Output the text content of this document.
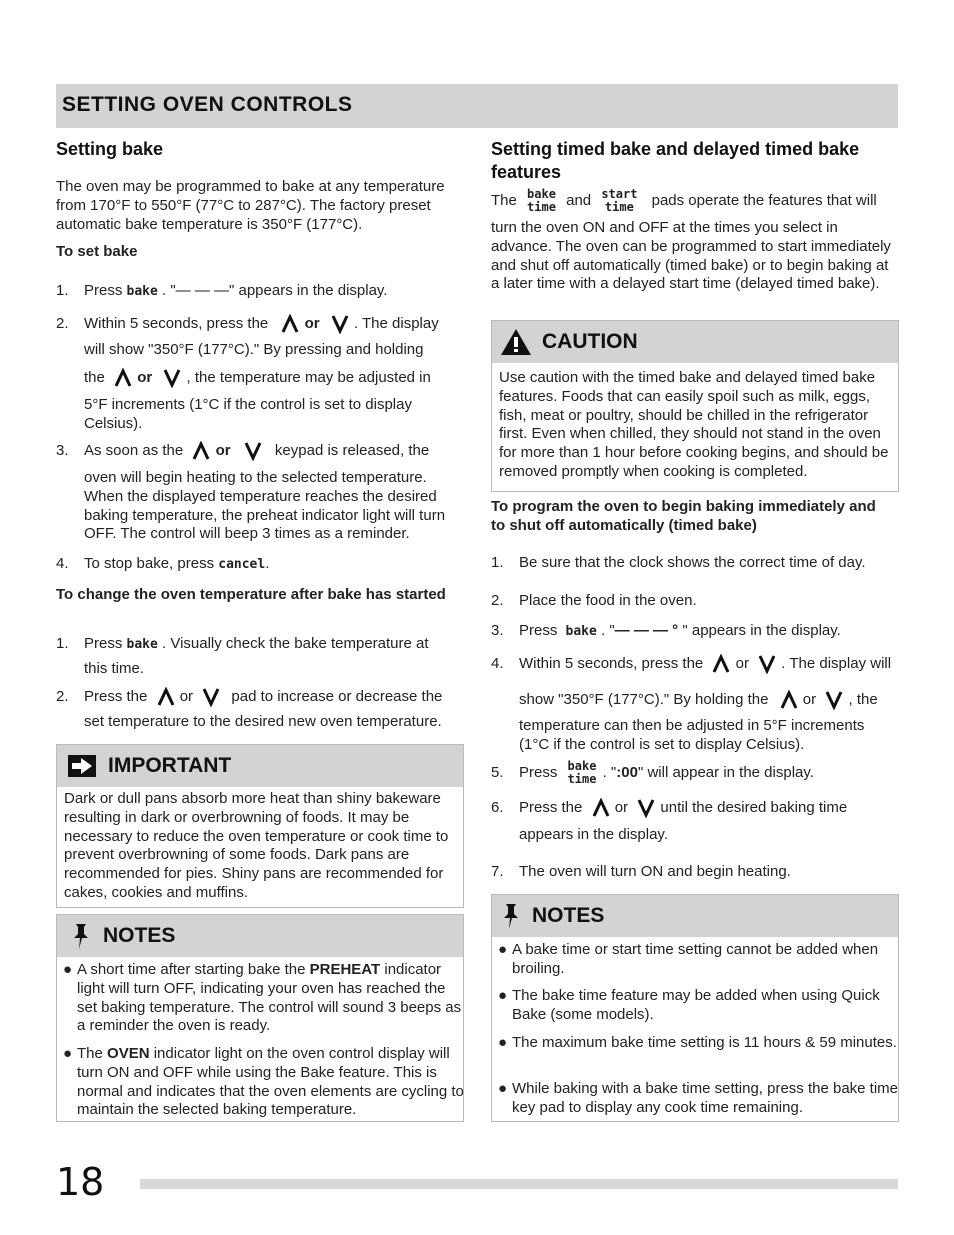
SETTING OVEN CONTROLS
Setting bake
The oven may be programmed to bake at any temperature from 170°F to 550°F (77°C to 287°C). The factory preset automatic bake temperature is 350°F (177°C).
To set bake
1. Press bake . "— — —" appears in the display.
2. Within 5 seconds, press the or . The display
will show "350°F (177°C)." By pressing and holding
the or , the temperature may be adjusted in
5°F increments (1°C if the control is set to display Celsius).
3. As soon as the or	keypad is released, the
oven will begin heating to the selected temperature. When the displayed temperature reaches the desired baking temperature, the preheat indicator light will turn OFF. The control will beep 3 times as a reminder.
4. To stop bake, press cancel.
To change the oven temperature after bake has started
1. Press bake . Visually check the bake temperature at
this time.
2. Press the or	pad to increase or decrease the
set temperature to the desired new oven temperature.
IMPORTANT
Dark or dull pans absorb more heat than shiny bakeware resulting in dark or overbrowning of foods. It may be necessary to reduce the oven temperature or cook time to prevent overbrowning of some foods. Dark pans are recommended for pies. Shiny pans are recommended for cakes, cookies and muffins.
NOTES
● A short time after starting bake the PREHEAT indicator light will turn OFF, indicating your oven has reached the set baking temperature. The control will sound 3 beeps as a reminder the oven is ready.
● The OVEN indicator light on the oven control display will turn ON and OFF while using the Bake feature. This is normal and indicates that the oven elements are cycling to maintain the selected baking temperature.
Setting timed bake and delayed timed bake features
The bake
time and start
time pads operate the features that will
turn the oven ON and OFF at the times you select in advance. The oven can be programmed to start immediately and shut off automatically (timed bake) or to begin baking at a later time with a delayed start time (delayed timed bake).
CAUTION
Use caution with the timed bake and delayed timed bake features. Foods that can easily spoil such as milk, eggs, fish, meat or poultry, should be chilled in the refrigerator first. Even when chilled, they should not stand in the oven for more than 1 hour before cooking begins, and should be removed promptly when cooking is completed.
To program the oven to begin baking immediately and to shut off automatically (timed bake)
1. Be sure that the clock shows the correct time of day.
2. Place the food in the oven.
3. Press bake . "— — — ° " appears in the display.
4. Within 5 seconds, press the or . The display will
show "350°F (177°C)." By holding the or , the
temperature can then be adjusted in 5°F increments (1°C if the control is set to display Celsius).
5. Press bake
time . ":00" will appear in the display.
6. Press the or until the desired baking time
appears in the display.
7. The oven will turn ON and begin heating.
NOTES
● A bake time or start time setting cannot be added when broiling.
● The bake time feature may be added when using Quick Bake (some models).
● The maximum bake time setting is 11 hours & 59 minutes.
● While baking with a bake time setting, press the bake time key pad to display any cook time remaining.
18
